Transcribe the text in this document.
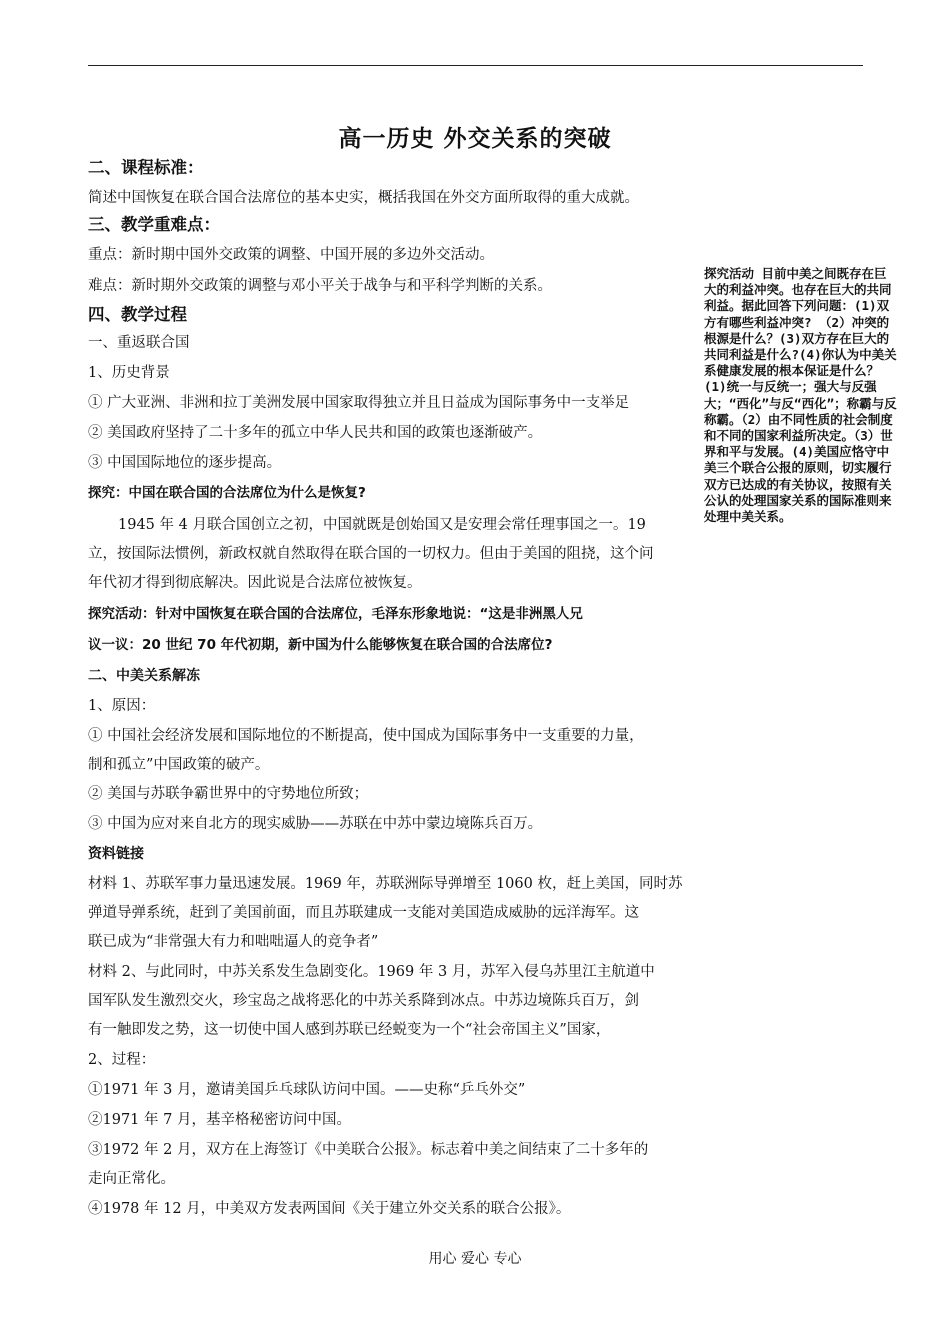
高一历史 外交关系的突破
二、课程标准：
简述中国恢复在联合国合法席位的基本史实，概括我国在外交方面所取得的重大成就。
三、教学重难点：
重点：新时期中国外交政策的调整、中国开展的多边外交活动。
难点：新时期外交政策的调整与邓小平关于战争与和平科学判断的关系。
四、教学过程
一、重返联合国
1、历史背景
① 广大亚洲、非洲和拉丁美洲发展中国家取得独立并且日益成为国际事务中一支举足
② 美国政府坚持了二十多年的孤立中华人民共和国的政策也逐渐破产。
③ 中国国际地位的逐步提高。
探究：中国在联合国的合法席位为什么是恢复?
1945 年 4 月联合国创立之初，中国就既是创始国又是安理会常任理事国之一。19
立，按国际法惯例，新政权就自然取得在联合国的一切权力。但由于美国的阻挠，这个问
年代初才得到彻底解决。因此说是合法席位被恢复。
探究活动：针对中国恢复在联合国的合法席位，毛泽东形象地说：“这是非洲黑人兄
议一议：20 世纪 70 年代初期，新中国为什么能够恢复在联合国的合法席位?
二、中美关系解冻
1、原因：
① 中国社会经济发展和国际地位的不断提高，使中国成为国际事务中一支重要的力量，
制和孤立”中国政策的破产。
② 美国与苏联争霸世界中的守势地位所致；
③ 中国为应对来自北方的现实威胁——苏联在中苏中蒙边境陈兵百万。
资料链接
材料 1、苏联军事力量迅速发展。1969 年，苏联洲际导弹增至 1060 枚，赶上美国，同时苏
弹道导弹系统，赶到了美国前面，而且苏联建成一支能对美国造成威胁的远洋海军。这
联已成为“非常强大有力和咄咄逼人的竞争者”
材料 2、与此同时，中苏关系发生急剧变化。1969 年 3 月，苏军入侵乌苏里江主航道中
国军队发生激烈交火，珍宝岛之战将恶化的中苏关系降到冰点。中苏边境陈兵百万，剑
有一触即发之势，这一切使中国人感到苏联已经蜕变为一个“社会帝国主义”国家，
2、过程：
①1971 年 3 月，邀请美国乒乓球队访问中国。——史称“乒乓外交”
②1971 年 7 月，基辛格秘密访问中国。
③1972 年 2 月，双方在上海签订《中美联合公报》。标志着中美之间结束了二十多年的
走向正常化。
④1978 年 12 月，中美双方发表两国间《关于建立外交关系的联合公报》。
探究活动 目前中美之间既存在巨大的利益冲突。也存在巨大的共同利益。据此回答下列问题：(1)双方有哪些利益冲突? （2）冲突的根源是什么？(3)双方存在巨大的共同利益是什么?(4)你认为中美关系健康发展的根本保证是什么？(1)统一与反统一；强大与反强大；“西化”与反“西化”；称霸与反称霸。（2）由不同性质的社会制度和不同的国家利益所决定。（3）世界和平与发展。(4)美国应恪守中美三个联合公报的原则，切实履行双方已达成的有关协议，按照有关公认的处理国家关系的国际准则来处理中美关系。
用心 爱心 专心
